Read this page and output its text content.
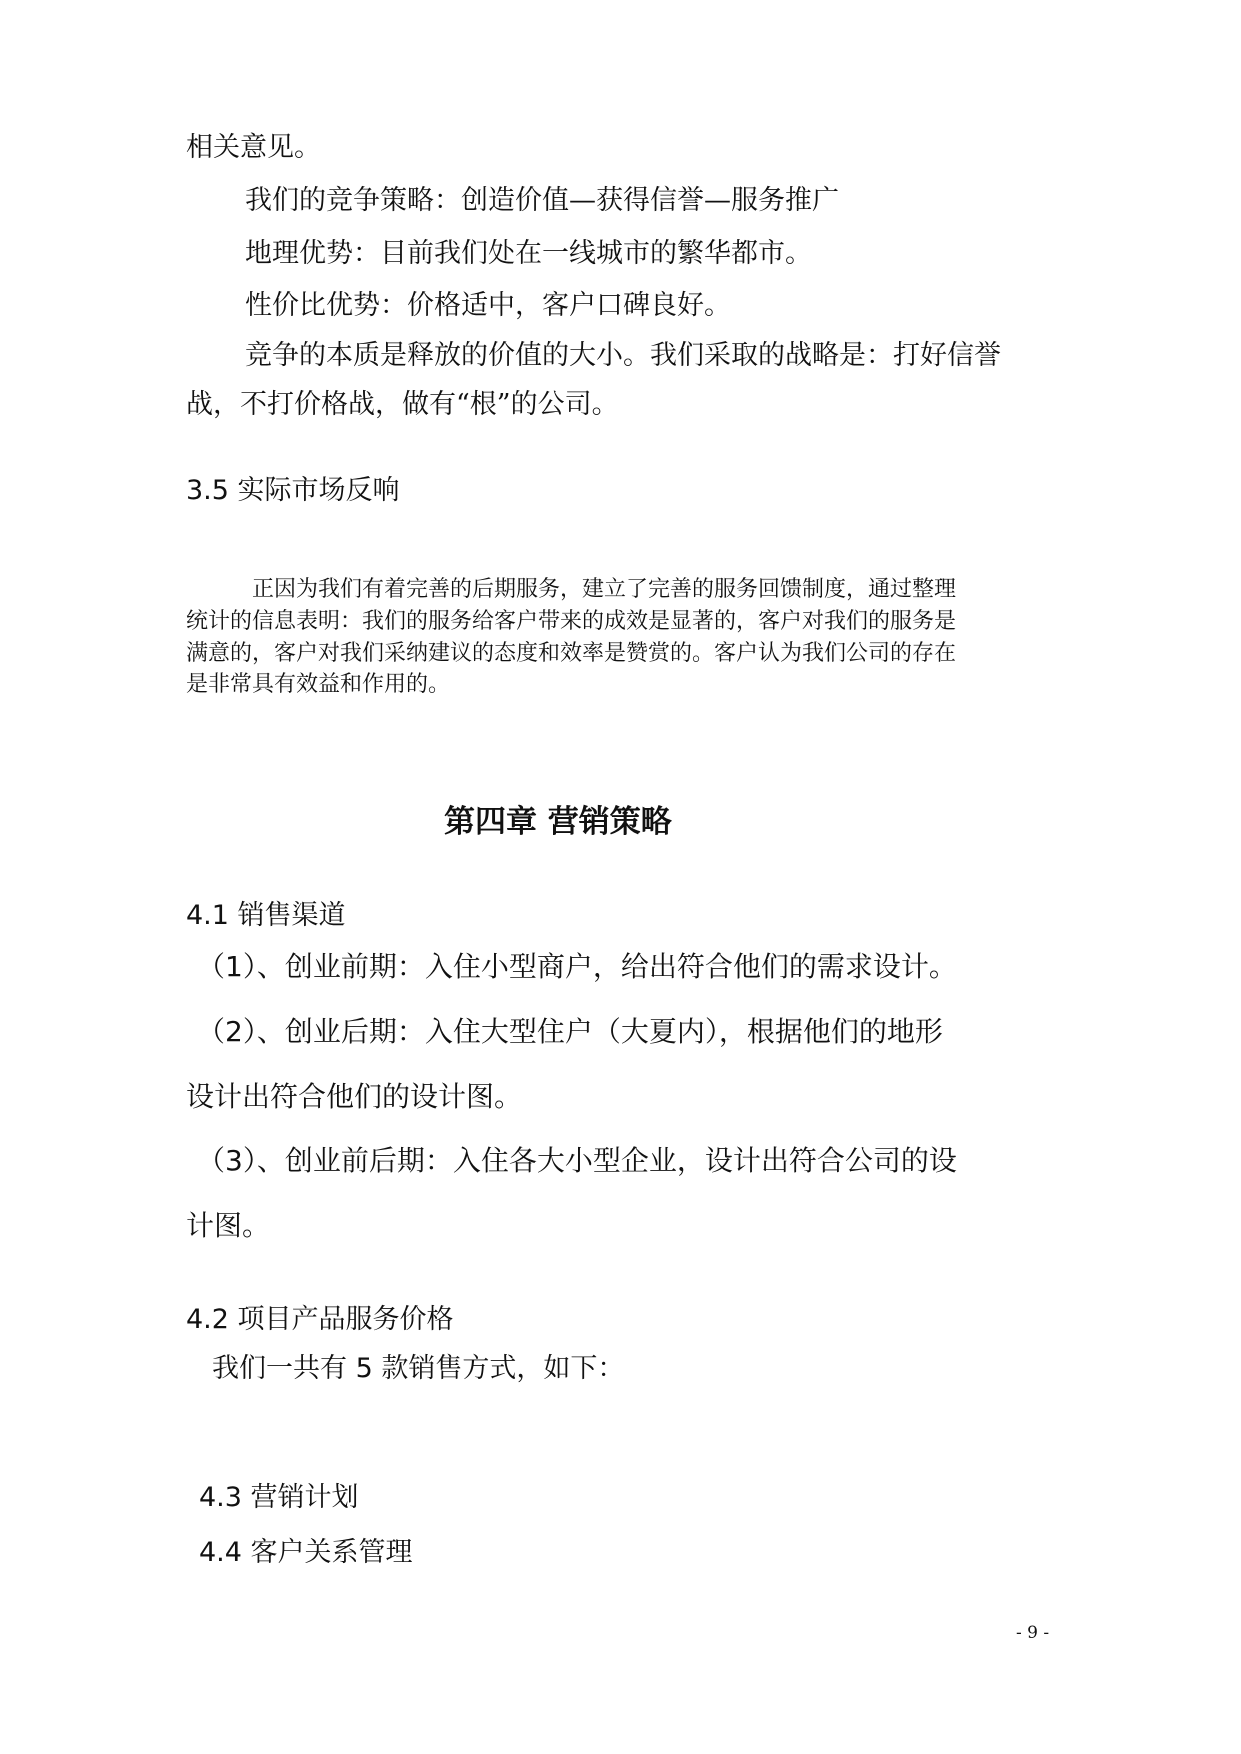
相关意见。
我们的竞争策略：创造价值—获得信誉—服务推广
地理优势：目前我们处在一线城市的繁华都市。
性价比优势：价格适中，客户口碑良好。
竞争的本质是释放的价值的大小。我们采取的战略是：打好信誉
战，不打价格战，做有“根”的公司。
3.5 实际市场反响
正因为我们有着完善的后期服务，建立了完善的服务回馈制度，通过整理
统计的信息表明：我们的服务给客户带来的成效是显著的，客户对我们的服务是
满意的，客户对我们采纳建议的态度和效率是赞赏的。客户认为我们公司的存在
是非常具有效益和作用的。
第四章 营销策略
4.1 销售渠道
（1）、创业前期：入住小型商户，给出符合他们的需求设计。
（2）、创业后期：入住大型住户（大夏内），根据他们的地形
设计出符合他们的设计图。
（3）、创业前后期：入住各大小型企业，设计出符合公司的设
计图。
4.2 项目产品服务价格
我们一共有 5 款销售方式，如下：
4.3 营销计划
4.4 客户关系管理
- 9 -
